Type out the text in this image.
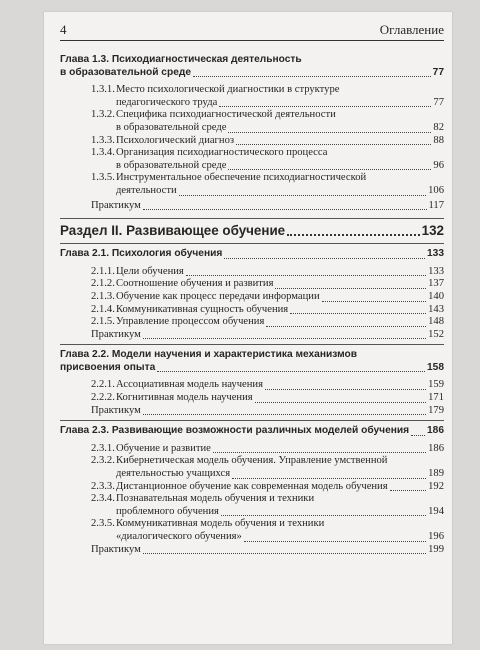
4	Оглавление
Глава 1.3. Психодиагностическая деятельность
в образовательной среде	77
1.3.1. Место психологической диагностики в структуре
педагогического труда	77
1.3.2. Специфика психодиагностической деятельности
в образовательной среде	82
1.3.3. Психологический диагноз	88
1.3.4. Организация психодиагностического процесса
в образовательной среде	96
1.3.5. Инструментальное обеспечение психодиагностической
деятельности	106
Практикум	117
Раздел II. Развивающее обучение	132
Глава 2.1. Психология обучения	133
2.1.1. Цели обучения	133
2.1.2. Соотношение обучения и развития	137
2.1.3. Обучение как процесс передачи информации	140
2.1.4. Коммуникативная сущность обучения	143
2.1.5. Управление процессом обучения	148
Практикум	152
Глава 2.2. Модели научения и характеристика механизмов
присвоения опыта	158
2.2.1. Ассоциативная модель научения	159
2.2.2. Когнитивная модель научения	171
Практикум	179
Глава 2.3. Развивающие возможности различных моделей обучения 186
2.3.1. Обучение и развитие	186
2.3.2. Кибернетическая модель обучения. Управление умственной
деятельностью учащихся	189
2.3.3. Дистанционное обучение как современная модель обучения	192
2.3.4. Познавательная модель обучения и техники
проблемного обучения	194
2.3.5. Коммуникативная модель обучения и техники
«диалогического обучения»	196
Практикум	199
